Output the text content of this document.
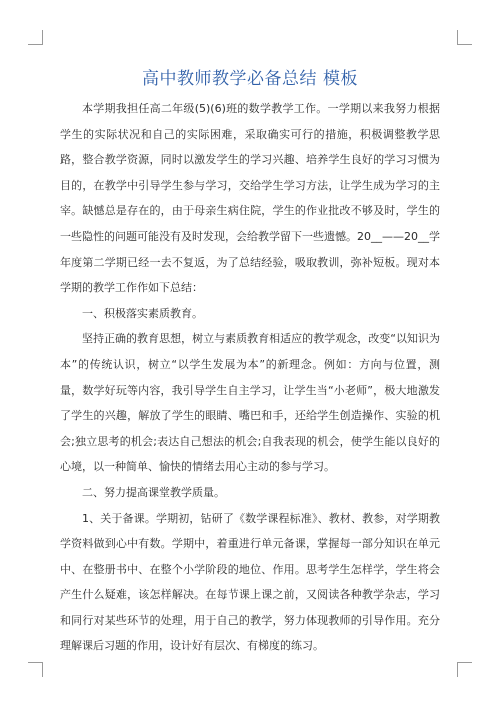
高中教师教学必备总结 模板

本学期我担任高二年级(5)(6)班的数学教学工作。一学期以来我努力根据学生的实际状况和自己的实际困难，采取确实可行的措施，积极调整教学思路，整合教学资源，同时以激发学生的学习兴趣、培养学生良好的学习习惯为目的，在教学中引导学生参与学习，交给学生学习方法，让学生成为学习的主宰。缺憾总是存在的，由于母亲生病住院，学生的作业批改不够及时，学生的一些隐性的问题可能没有及时发现，会给教学留下一些遗憾。20__——20__学年度第二学期已经一去不复返，为了总结经验，吸取教训，弥补短板。现对本学期的教学工作作如下总结：

一、积极落实素质教育。

坚持正确的教育思想，树立与素质教育相适应的教学观念，改变“以知识为本”的传统认识，树立“以学生发展为本”的新理念。例如：方向与位置，测量，数学好玩等内容，我引导学生自主学习，让学生当“小老师”，极大地激发了学生的兴趣，解放了学生的眼睛、嘴巴和手，还给学生创造操作、实验的机会;独立思考的机会;表达自己想法的机会;自我表现的机会，使学生能以良好的心境，以一种简单、愉快的情绪去用心主动的参与学习。

二、努力提高课堂教学质量。

1、关于备课。学期初，钻研了《数学课程标准》、教材、教参，对学期教学资料做到心中有数。学期中，着重进行单元备课，掌握每一部分知识在单元中、在整册书中、在整个小学阶段的地位、作用。思考学生怎样学，学生将会产生什么疑难，该怎样解决。在每节课上课之前，又阅读各种教学杂志，学习和同行对某些环节的处理，用于自己的教学，努力体现教师的引导作用。充分理解课后习题的作用，设计好有层次、有梯度的练习。
